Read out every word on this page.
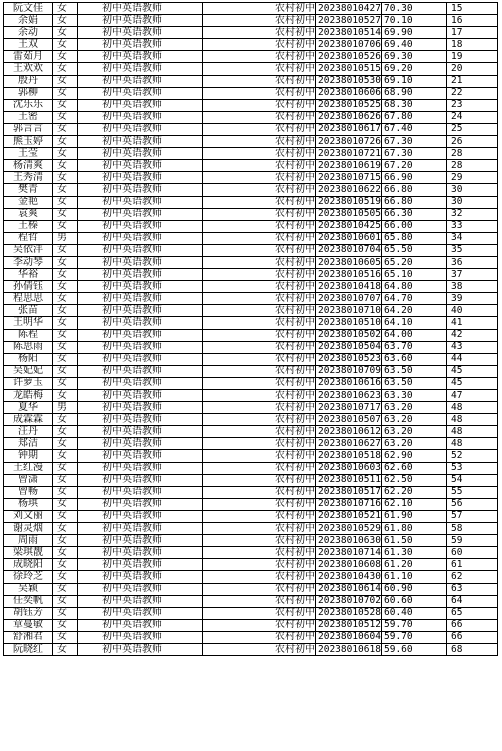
阮文佳	女	初中英语教师	农村初中	20238010427	70.30	15
余娟	女	初中英语教师	农村初中	20238010527	70.10	16
余动	女	初中英语教师	农村初中	20238010514	69.90	17
王双	女	初中英语教师	农村初中	20238010706	69.40	18
雷茹月	女	初中英语教师	农村初中	20238010526	69.30	19
王欢欢	女	初中英语教师	农村初中	20238010515	69.20	20
殷丹	女	初中英语教师	农村初中	20238010530	69.10	21
郭柳	女	初中英语教师	农村初中	20238010606	68.90	22
沈乐乐	女	初中英语教师	农村初中	20238010525	68.30	23
王密	女	初中英语教师	农村初中	20238010626	67.80	24
郭言言	女	初中英语教师	农村初中	20238010617	67.40	25
熊玉婷	女	初中英语教师	农村初中	20238010726	67.30	26
王莹	女	初中英语教师	农村初中	20238010721	67.30	28
杨清爽	女	初中英语教师	农村初中	20238010619	67.20	28
王秀清	女	初中英语教师	农村初中	20238010715	66.90	29
樊青	女	初中英语教师	农村初中	20238010622	66.80	30
金艳	女	初中英语教师	农村初中	20238010519	66.80	30
袁爽	女	初中英语教师	农村初中	20238010505	66.30	32
王榛	女	初中英语教师	农村初中	20238010425	66.00	33
程哲	男	初中英语教师	农村初中	20238010601	65.80	34
吴依沣	女	初中英语教师	农村初中	20238010704	65.50	35
李动琴	女	初中英语教师	农村初中	20238010605	65.20	36
华裕	女	初中英语教师	农村初中	20238010516	65.10	37
孙倩钰	女	初中英语教师	农村初中	20238010418	64.80	38
程思思	女	初中英语教师	农村初中	20238010707	64.70	39
张苗	女	初中英语教师	农村初中	20238010710	64.20	40
王明华	女	初中英语教师	农村初中	20238010510	64.10	41
陈程	女	初中英语教师	农村初中	20238010502	64.00	42
陈思雨	女	初中英语教师	农村初中	20238010504	63.70	43
杨阳	女	初中英语教师	农村初中	20238010523	63.60	44
吴妃妃	女	初中英语教师	农村初中	20238010709	63.50	45
许萝玉	女	初中英语教师	农村初中	20238010616	63.50	45
龙皓梅	女	初中英语教师	农村初中	20238010623	63.30	47
夏华	男	初中英语教师	农村初中	20238010717	63.20	48
成霖霖	女	初中英语教师	农村初中	20238010507	63.20	48
汪丹	女	初中英语教师	农村初中	20238010612	63.20	48
郑洁	女	初中英语教师	农村初中	20238010627	63.20	48
钟期	女	初中英语教师	农村初中	20238010518	62.90	52
王红漫	女	初中英语教师	农村初中	20238010603	62.60	53
曾潇	女	初中英语教师	农村初中	20238010511	62.50	54
曾畅	女	初中英语教师	农村初中	20238010517	62.20	55
杨琪	女	初中英语教师	农村初中	20238010716	62.10	56
刘文丽	女	初中英语教师	农村初中	20238010521	61.90	57
谢灵烟	女	初中英语教师	农村初中	20238010529	61.80	58
周雨	女	初中英语教师	农村初中	20238010630	61.50	59
梁琪靓	女	初中英语教师	农村初中	20238010714	61.30	60
成晓阳	女	初中英语教师	农村初中	20238010608	61.20	61
徐玲芝	女	初中英语教师	农村初中	20238010430	61.10	62
吴颖	女	初中英语教师	农村初中	20238010614	60.90	63
任奕帆	女	初中英语教师	农村初中	20238010702	60.60	64
胡钰芳	女	初中英语教师	农村初中	20238010528	60.40	65
章蔓敏	女	初中英语教师	农村初中	20238010512	59.70	66
舒湘君	女	初中英语教师	农村初中	20238010604	59.70	66
阮晓红	女	初中英语教师	农村初中	20238010618	59.60	68
